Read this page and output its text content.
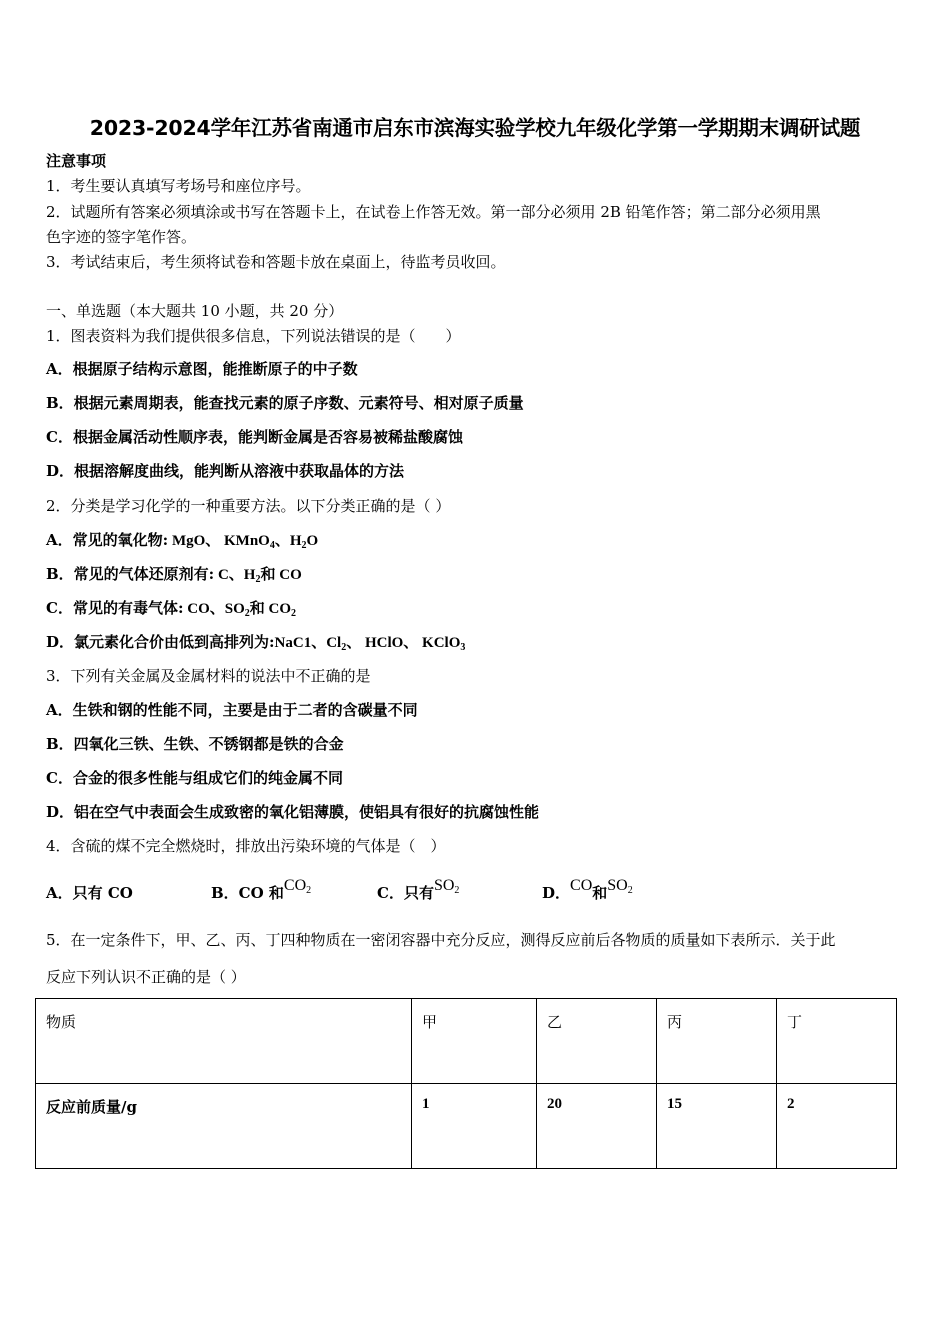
2023-2024学年江苏省南通市启东市滨海实验学校九年级化学第一学期期末调研试题
注意事项
1．考生要认真填写考场号和座位序号。
2．试题所有答案必须填涂或书写在答题卡上，在试卷上作答无效。第一部分必须用 2B 铅笔作答；第二部分必须用黑
色字迹的签字笔作答。
3．考试结束后，考生须将试卷和答题卡放在桌面上，待监考员收回。
一、单选题（本大题共 10 小题，共 20 分）
1．图表资料为我们提供很多信息，下列说法错误的是（　　）
A．根据原子结构示意图，能推断原子的中子数
B．根据元素周期表，能查找元素的原子序数、元素符号、相对原子质量
C．根据金属活动性顺序表，能判断金属是否容易被稀盐酸腐蚀
D．根据溶解度曲线，能判断从溶液中获取晶体的方法
2．分类是学习化学的一种重要方法。以下分类正确的是（ ）
A．常见的氧化物: MgO、 KMnO$_4$、$H_2O$
B．常见的气体还原剂有: C、$H_2$和 CO
C．常见的有毒气体: CO、$SO_2$和 $CO_2$
D．氯元素化合价由低到高排列为:NaC1、$Cl_2$、 HClO、 KClO$_3$
3．下列有关金属及金属材料的说法中不正确的是
A．生铁和钢的性能不同，主要是由于二者的含碳量不同
B．四氧化三铁、生铁、不锈钢都是铁的合金
C．合金的很多性能与组成它们的纯金属不同
D．铝在空气中表面会生成致密的氧化铝薄膜，使铝具有很好的抗腐蚀性能
4．含硫的煤不完全燃烧时，排放出污染环境的气体是（　）
A．只有 CO	B．CO 和$CO_2$	C．只有$SO_2$	D．CO和$SO_2$
5．在一定条件下，甲、乙、丙、丁四种物质在一密闭容器中充分反应，测得反应前后各物质的质量如下表所示．关于此
反应下列认识不正确的是（ ）
物质	甲	乙	丙	丁
反应前质量/g	1	20	15	2
